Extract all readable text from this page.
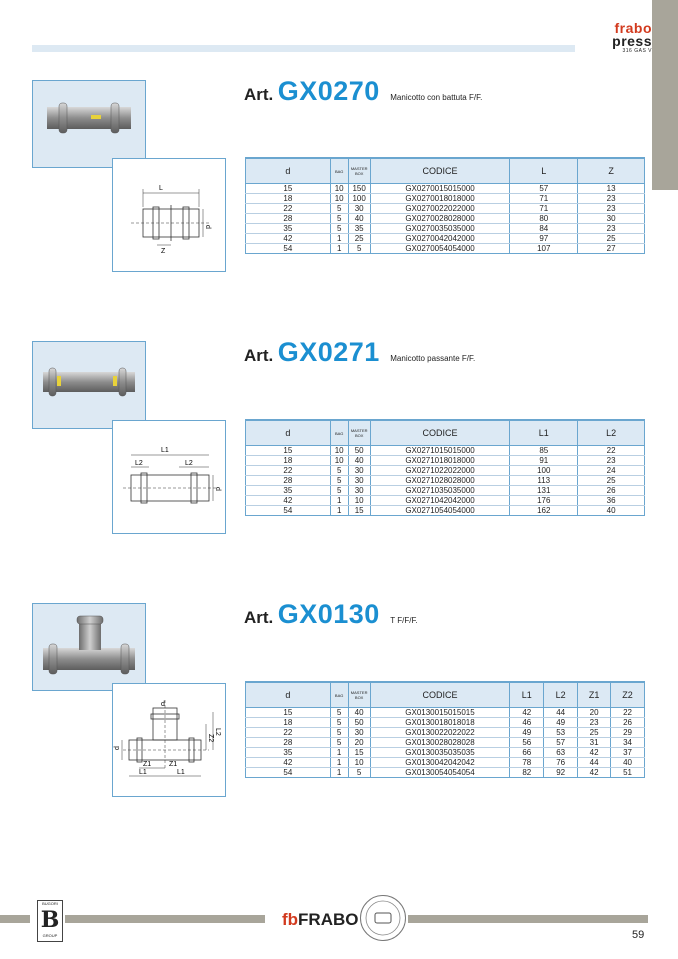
frabo
press
316 GAS V
L
d
Z
Art. GX0270 Manicotto con battuta F/F.
d	BAG	MASTER BOX	CODICE	L	Z
15	10	150	GX0270015015000	57	13
18	10	100	GX0270018018000	71	23
22	5	30	GX0270022022000	71	23
28	5	40	GX0270028028000	80	30
35	5	35	GX0270035035000	84	23
42	1	25	GX0270042042000	97	25
54	1	5	GX0270054054000	107	27
L1
L2	L2
d
Art. GX0271 Manicotto passante F/F.
d	BAG	MASTER BOX	CODICE	L1	L2
15	10	50	GX0271015015000	85	22
18	10	40	GX0271018018000	91	23
22	5	30	GX0271022022000	100	24
28	5	30	GX0271028028000	113	25
35	5	30	GX0271035035000	131	26
42	1	10	GX0271042042000	176	36
54	1	15	GX0271054054000	162	40
d
L2
Z2
d
Z1	Z1
L1	L1
Art. GX0130 T F/F/F.
d	BAG	MASTER BOX	CODICE	L1	L2	Z1	Z2
15	5	40	GX0130015015015	42	44	20	22
18	5	50	GX0130018018018	46	49	23	26
22	5	30	GX0130022022022	49	53	25	29
28	5	20	GX0130028028028	56	57	31	34
35	1	15	GX0130035035035	66	63	42	37
42	1	10	GX0130042042042	78	76	44	40
54	1	5	GX0130054054054	82	92	42	51
BUGORI
B
GROUP
fbFRABO
59
